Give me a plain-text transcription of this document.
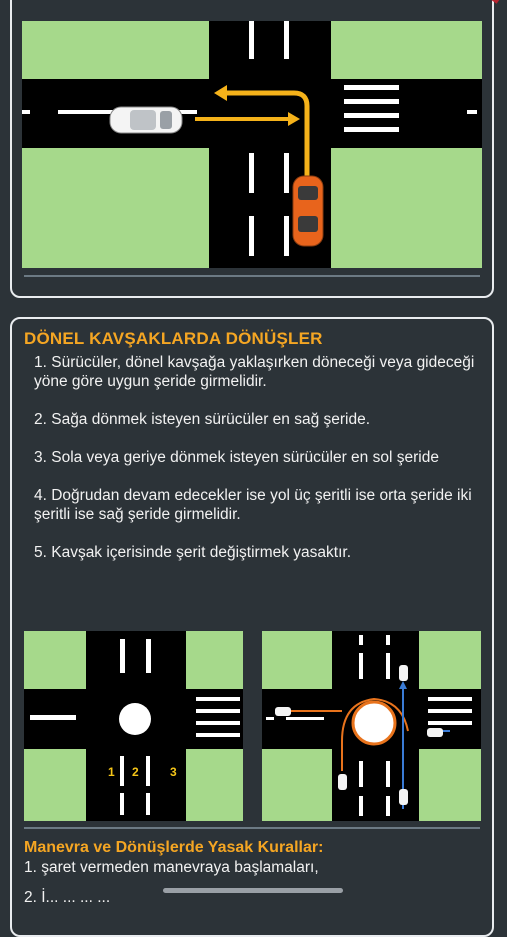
DÖNEL KAVŞAKLARDA DÖNÜŞLER
1. Sürücüler, dönel kavşağa yaklaşırken döneceği veya gideceği yöne göre uygun şeride girmelidir.
2. Sağa dönmek isteyen sürücüler en sağ şeride.
3. Sola veya geriye dönmek isteyen sürücüler en sol şeride
4. Doğrudan devam edecekler ise yol üç şeritli ise orta şeride iki şeritli ise sağ şeride girmelidir.
5. Kavşak içerisinde şerit değiştirmek yasaktır.
1 2	3
Manevra ve Dönüşlerde Yasak Kurallar:

1. şaret vermeden manevraya başlamaları,

2. İ... ... ... ...
